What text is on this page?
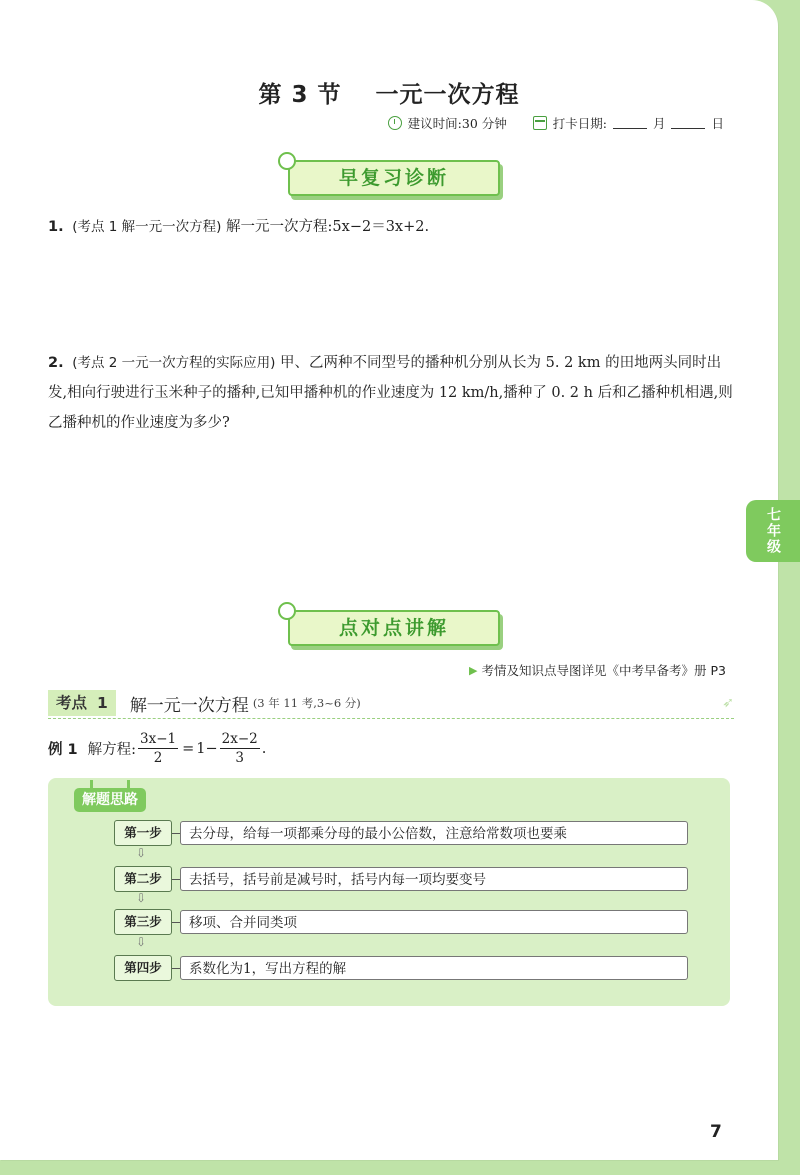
第 3 节 一元一次方程
建议时间:30 分钟	打卡日期:	月	日
早复习诊断
1. (考点 1 解一元一次方程) 解一元一次方程:5x−2＝3x+2.
2. (考点 2 一元一次方程的实际应用) 甲、乙两种不同型号的播种机分别从长为 5. 2 km 的田地两头同时出发,相向行驶进行玉米种子的播种,已知甲播种机的作业速度为 12 km/h,播种了 0. 2 h 后和乙播种机相遇,则乙播种机的作业速度为多少?
点对点讲解
▶ 考情及知识点导图详见《中考早备考》册 P3
考点 1 解一元一次方程 (3 年 11 考,3~6 分)	➶
例 1 解方程: $\frac{3x-1}{2} = 1- \frac{2x-2}{3}$ .
解题思路
第一步	去分母，给每一项都乘分母的最小公倍数，注意给常数项也要乘
⇩
第二步	去括号，括号前是减号时，括号内每一项均要变号
⇩
第三步	移项、合并同类项
⇩
第四步	系数化为1，写出方程的解
7
七年级
